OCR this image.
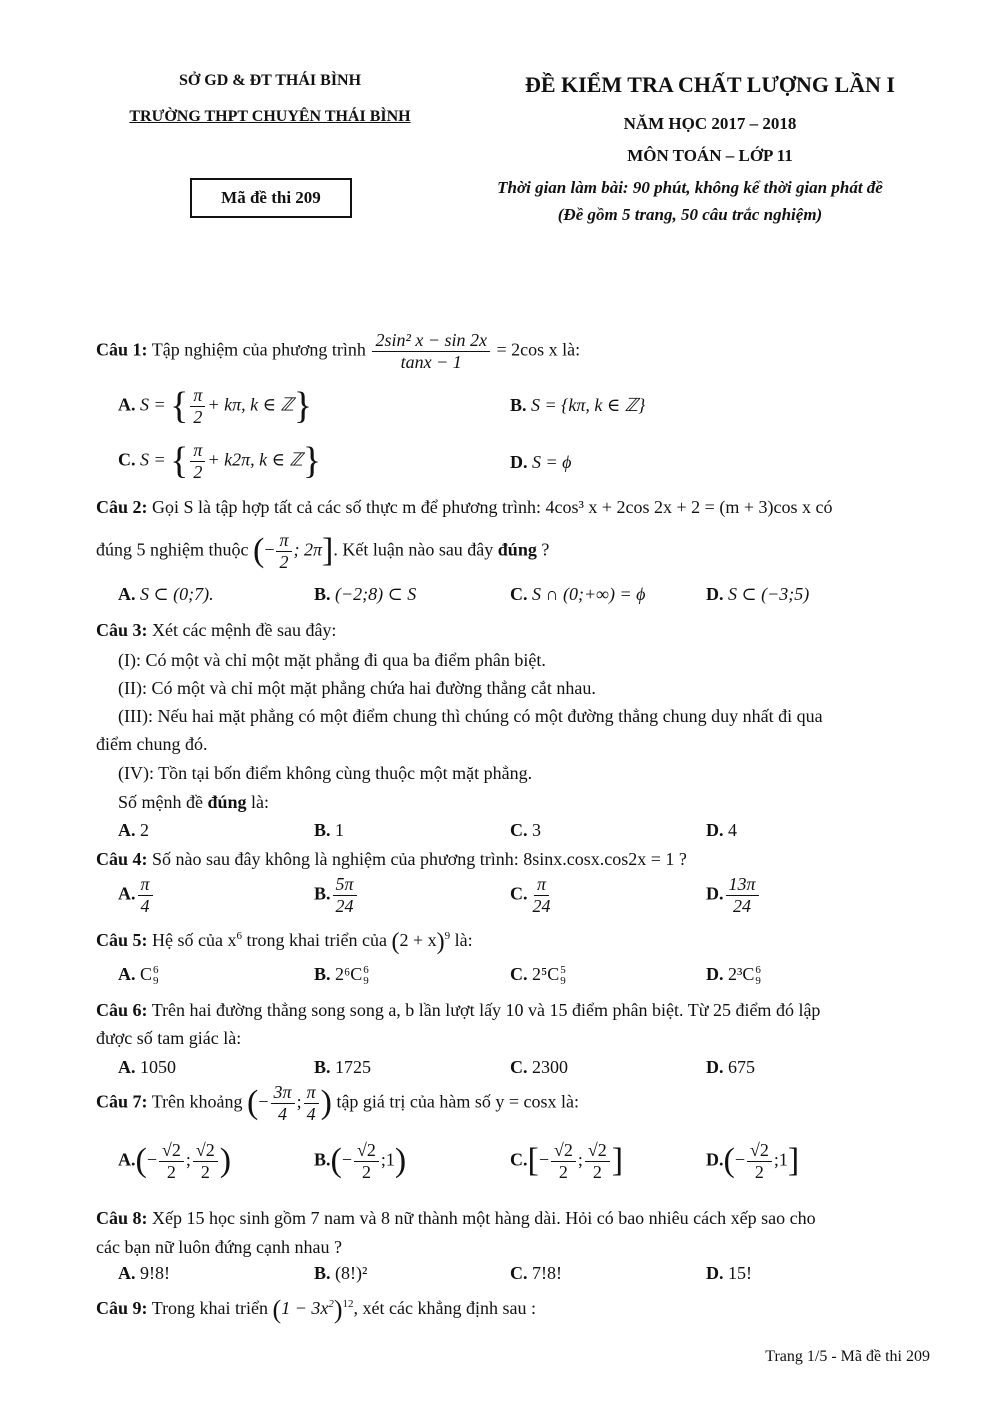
SỞ GD & ĐT THÁI BÌNH
TRƯỜNG THPT CHUYÊN THÁI BÌNH
Mã đề thi 209
ĐỀ KIỂM TRA CHẤT LƯỢNG LẦN I
NĂM HỌC 2017 – 2018
MÔN TOÁN – LỚP 11
Thời gian làm bài: 90 phút, không kể thời gian phát đề
(Đề gồm 5 trang, 50 câu trắc nghiệm)
Câu 1: Tập nghiệm của phương trình $\frac{\text{2sin² x − sin 2x}}{\tan x - 1} = 2\cos$ x là:
A. S = { $\frac{\pi}{2} + k\pi$, k ∈ ℤ}	B. S = {kπ, k ∈ ℤ}
C. S = { $\frac{\pi}{2} + k2\pi$, k ∈ ℤ}	D. S = ϕ
Câu 2: Gọi S là tập hợp tất cả các số thực m để phương trình: 4cos³ x + 2cos 2x + 2 = (m + 3)cos x có
đúng 5 nghiệm thuộc (− $\frac{\pi}{2}$ ; 2π]. Kết luận nào sau đây đúng ?
A. S ⊂ (0;7).	B. (−2;8) ⊂ S	C. S ∩ (0;+∞) = ϕ	D. S ⊂ (−3;5)
Câu 3: Xét các mệnh đề sau đây:
(I): Có một và chỉ một mặt phẳng đi qua ba điểm phân biệt.
(II): Có một và chỉ một mặt phẳng chứa hai đường thẳng cắt nhau.
(III): Nếu hai mặt phẳng có một điểm chung thì chúng có một đường thẳng chung duy nhất đi qua
điểm chung đó.
(IV): Tồn tại bốn điểm không cùng thuộc một mặt phẳng.
Số mệnh đề đúng là:
A. 2	B. 1	C. 3	D. 4
Câu 4: Số nào sau đây không là nghiệm của phương trình: 8sinx.cosx.cos2x = 1 ?
A. $\frac{\pi}{4}$	B. $\frac{5\pi}{24}$	C. $\frac{\pi}{24}$	D. $\frac{13\pi}{24}$
Câu 5: Hệ số của $x^6$ trong khai triển của $(2 + x)^9$ là:
A. C 6
9	B. 2⁶C 6
9	C. 2⁵C 5
9	D. 2³C 6
9
Câu 6: Trên hai đường thẳng song song a, b lần lượt lấy 10 và 15 điểm phân biệt. Từ 25 điểm đó lập
được số tam giác là:
A. 1050	B. 1725	C. 2300	D. 675
Câu 7: Trên khoảng (− $\frac{3\pi}{4}$ ; $\frac{\pi}{4}$ ) tập giá trị của hàm số y = cosx là:
$A.(- \frac{√2}{2}$ ; $\frac{√2}{2}$ )	$B.(- \frac{√2}{2}$ ;1)	$C.[- \frac{√2}{2}$ ; $\frac{√2}{2}$ ]	$D.(- \frac{√2}{2}$ ;1]
Câu 8: Xếp 15 học sinh gồm 7 nam và 8 nữ thành một hàng dài. Hỏi có bao nhiêu cách xếp sao cho
các bạn nữ luôn đứng cạnh nhau ?
A. 9!8!	B. (8!)²	C. 7!8!	D. 15!
Câu 9: Trong khai triển $(1 - 3x^2)^{12}$, xét các khẳng định sau :
Trang 1/5 - Mã đề thi 209
